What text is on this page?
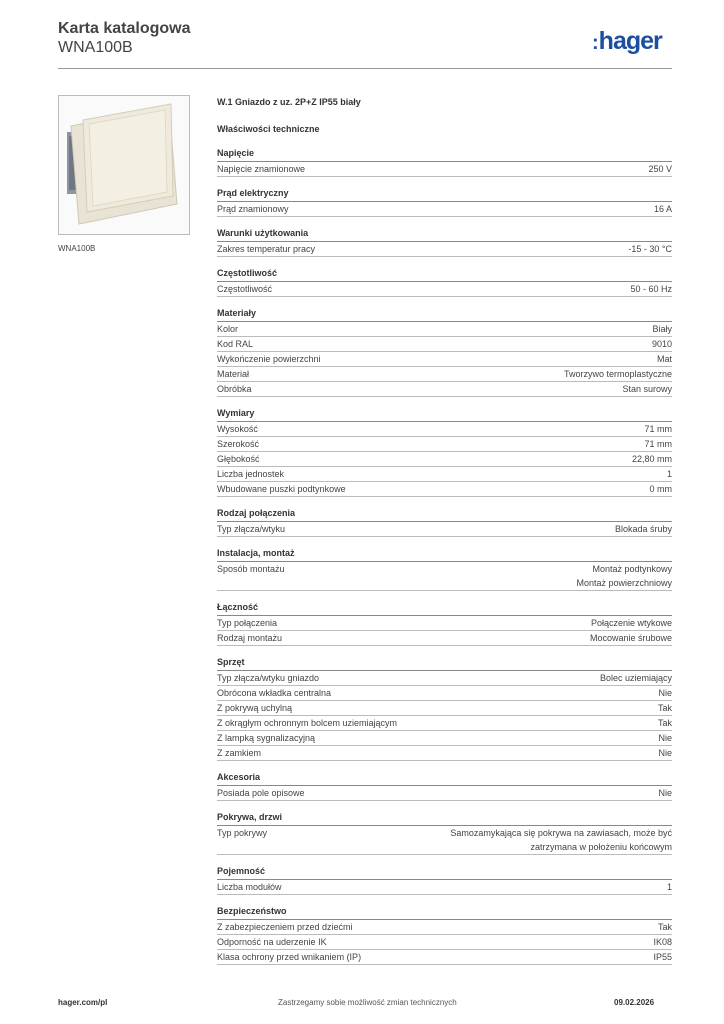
Karta katalogowa
WNA100B	:hager
WNA100B
W.1 Gniazdo z uz. 2P+Z IP55 biały
Właściwości techniczne
Napięcie
Napięcie znamionowe	250 V
Prąd elektryczny
Prąd znamionowy	16 A
Warunki użytkowania
Zakres temperatur pracy	-15 - 30 °C
Częstotliwość
Częstotliwość	50 - 60 Hz
Materiały
Kolor	Biały
Kod RAL	9010
Wykończenie powierzchni	Mat
Materiał	Tworzywo termoplastyczne
Obróbka	Stan surowy
Wymiary
Wysokość	71 mm
Szerokość	71 mm
Głębokość	22,80 mm
Liczba jednostek	1
Wbudowane puszki podtynkowe	0 mm
Rodzaj połączenia
Typ złącza/wtyku	Blokada śruby
Instalacja, montaż
Sposób montażu	Montaż podtynkowy
Montaż powierzchniowy
Łączność
Typ połączenia	Połączenie wtykowe
Rodzaj montażu	Mocowanie śrubowe
Sprzęt
Typ złącza/wtyku gniazdo	Bolec uziemiający
Obrócona wkładka centralna	Nie
Z pokrywą uchylną	Tak
Z okrągłym ochronnym bolcem uziemiającym	Tak
Z lampką sygnalizacyjną	Nie
Z zamkiem	Nie
Akcesoria
Posiada pole opisowe	Nie
Pokrywa, drzwi
Typ pokrywy	Samozamykająca się pokrywa na zawiasach, może być
zatrzymana w położeniu końcowym
Pojemność
Liczba modułów	1
Bezpieczeństwo
Z zabezpieczeniem przed dziećmi	Tak
Odporność na uderzenie IK	IK08
Klasa ochrony przed wnikaniem (IP)	IP55
hager.com/pl	Zastrzegamy sobie możliwość zmian technicznych	09.02.2026
